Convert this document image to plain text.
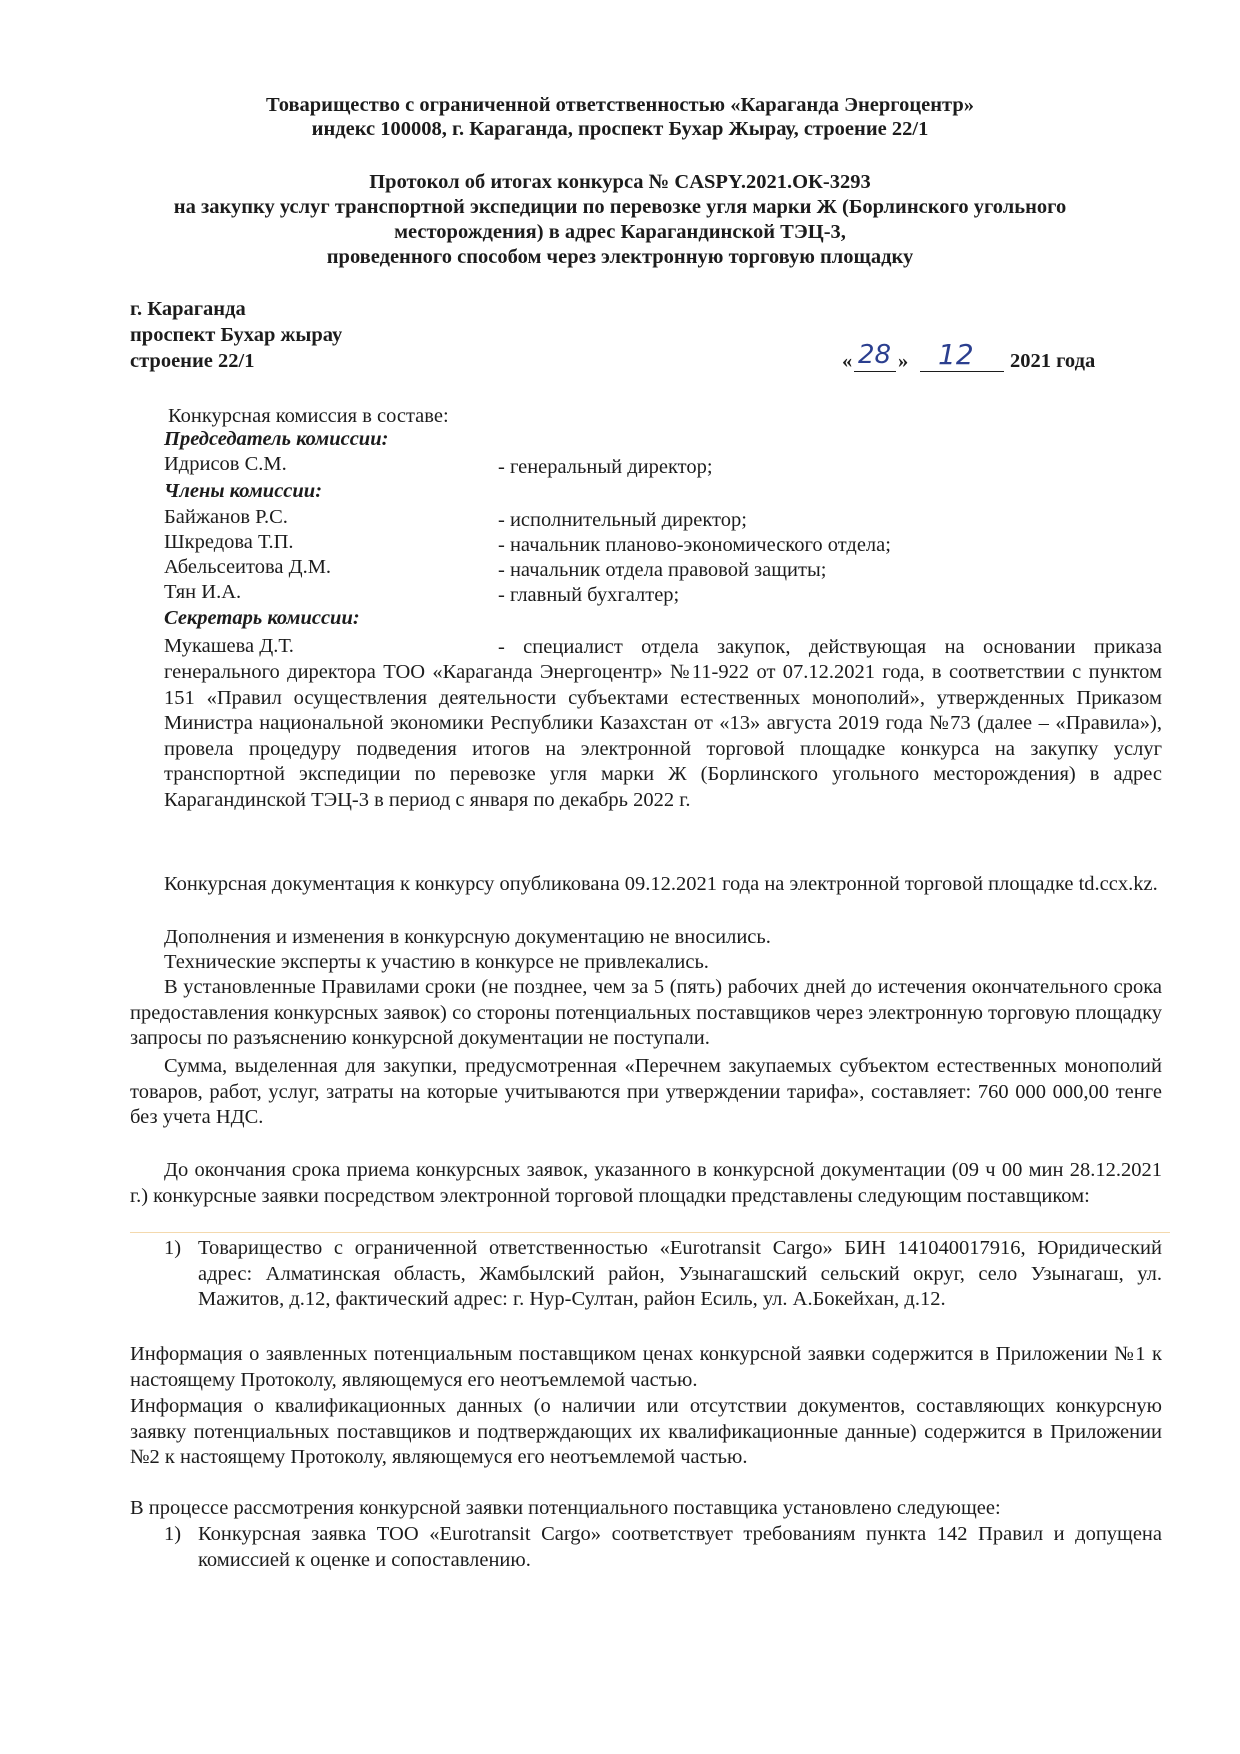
Товарищество с ограниченной ответственностью «Караганда Энергоцентр»
индекс 100008, г. Караганда, проспект Бухар Жырау, строение 22/1
Протокол об итогах конкурса № CASPY.2021.ОК-3293
на закупку услуг транспортной экспедиции по перевозке угля марки Ж (Борлинского угольного
месторождения) в адрес Карагандинской ТЭЦ-3,
проведенного способом через электронную торговую площадку
г. Караганда
проспект Бухар жырау
строение 22/1	« 28 » 12 2021 года
Конкурсная комиссия в составе:
Председатель комиссии:
Идрисов С.М.	- генеральный директор;
Члены комиссии:
Байжанов Р.С.	- исполнительный директор;
Шкредова Т.П.	- начальник планово-экономического отдела;
Абельсеитова Д.М.	- начальник отдела правовой защиты;
Тян И.А.	- главный бухгалтер;
Секретарь комиссии:
Мукашева Д.Т.	- специалист отдела закупок, действующая на основании приказа
генерального директора ТОО «Караганда Энергоцентр» №11-922 от 07.12.2021 года, в соответствии с пунктом 151 «Правил осуществления деятельности субъектами естественных монополий», утвержденных Приказом Министра национальной экономики Республики Казахстан от «13» августа 2019 года №73 (далее – «Правила»), провела процедуру подведения итогов на электронной торговой площадке конкурса на закупку услуг транспортной экспедиции по перевозке угля марки Ж (Борлинского угольного месторождения) в адрес Карагандинской ТЭЦ-3 в период с января по декабрь 2022 г.
Конкурсная документация к конкурсу опубликована 09.12.2021 года на электронной торговой площадке td.ccx.kz.
Дополнения и изменения в конкурсную документацию не вносились.
Технические эксперты к участию в конкурсе не привлекались.
В установленные Правилами сроки (не позднее, чем за 5 (пять) рабочих дней до истечения окончательного срока предоставления конкурсных заявок) со стороны потенциальных поставщиков через электронную торговую площадку запросы по разъяснению конкурсной документации не поступали.
Сумма, выделенная для закупки, предусмотренная «Перечнем закупаемых субъектом естественных монополий товаров, работ, услуг, затраты на которые учитываются при утверждении тарифа», составляет: 760 000 000,00 тенге без учета НДС.
До окончания срока приема конкурсных заявок, указанного в конкурсной документации (09 ч 00 мин 28.12.2021 г.) конкурсные заявки посредством электронной торговой площадки представлены следующим поставщиком:
1) Товарищество с ограниченной ответственностью «Eurotransit Cargo» БИН 141040017916, Юридический адрес: Алматинская область, Жамбылский район, Узынагашский сельский округ, село Узынагаш, ул. Мажитов, д.12, фактический адрес: г. Нур-Султан, район Есиль, ул. А.Бокейхан, д.12.
Информация о заявленных потенциальным поставщиком ценах конкурсной заявки содержится в Приложении №1 к настоящему Протоколу, являющемуся его неотъемлемой частью.
Информация о квалификационных данных (о наличии или отсутствии документов, составляющих конкурсную заявку потенциальных поставщиков и подтверждающих их квалификационные данные) содержится в Приложении №2 к настоящему Протоколу, являющемуся его неотъемлемой частью.
В процессе рассмотрения конкурсной заявки потенциального поставщика установлено следующее:
1) Конкурсная заявка ТОО «Eurotransit Cargo» соответствует требованиям пункта 142 Правил и допущена комиссией к оценке и сопоставлению.
